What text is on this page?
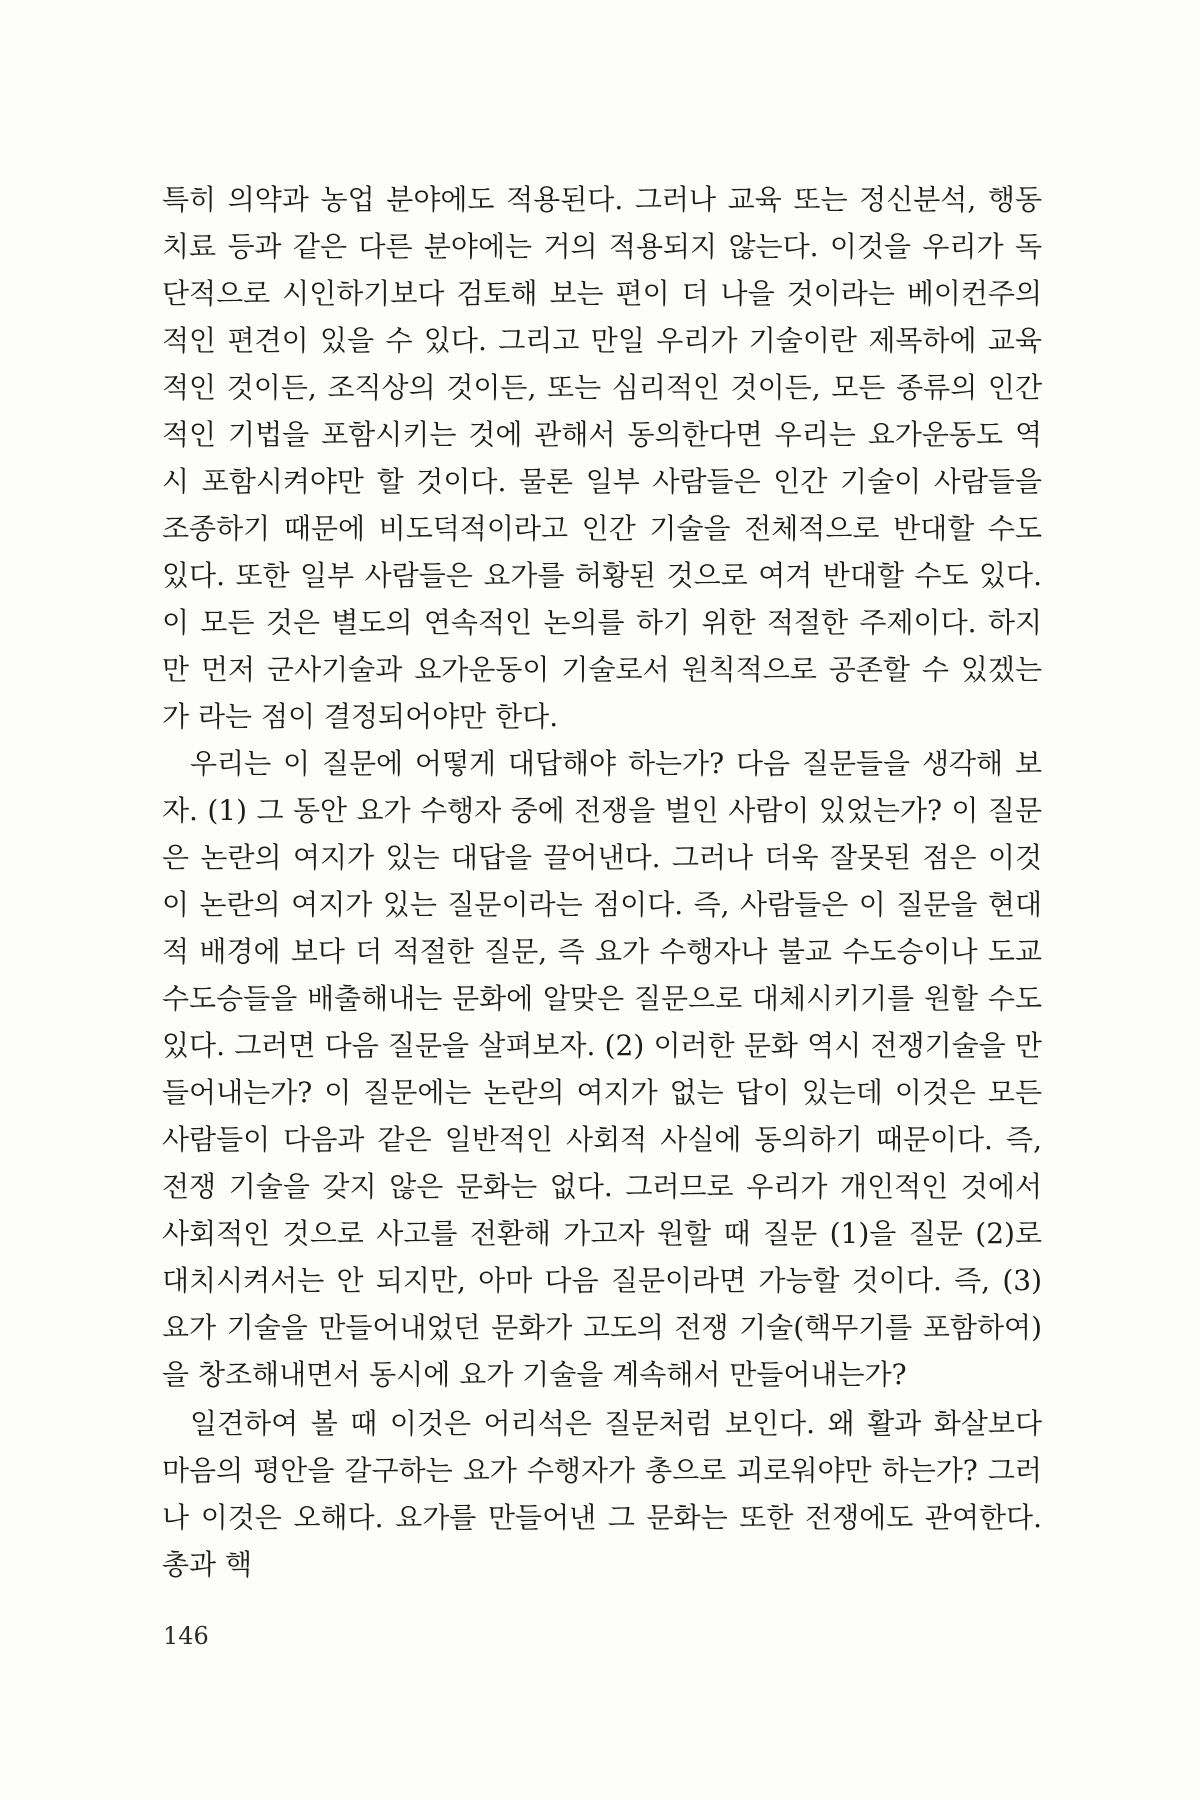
특히 의약과 농업 분야에도 적용된다. 그러나 교육 또는 정신분석, 행동치료 등과 같은 다른 분야에는 거의 적용되지 않는다. 이것을 우리가 독단적으로 시인하기보다 검토해 보는 편이 더 나을 것이라는 베이컨주의적인 편견이 있을 수 있다. 그리고 만일 우리가 기술이란 제목하에 교육적인 것이든, 조직상의 것이든, 또는 심리적인 것이든, 모든 종류의 인간적인 기법을 포함시키는 것에 관해서 동의한다면 우리는 요가운동도 역시 포함시켜야만 할 것이다. 물론 일부 사람들은 인간 기술이 사람들을 조종하기 때문에 비도덕적이라고 인간 기술을 전체적으로 반대할 수도 있다. 또한 일부 사람들은 요가를 허황된 것으로 여겨 반대할 수도 있다. 이 모든 것은 별도의 연속적인 논의를 하기 위한 적절한 주제이다. 하지만 먼저 군사기술과 요가운동이 기술로서 원칙적으로 공존할 수 있겠는가 라는 점이 결정되어야만 한다.

우리는 이 질문에 어떻게 대답해야 하는가? 다음 질문들을 생각해 보자. (1) 그 동안 요가 수행자 중에 전쟁을 벌인 사람이 있었는가? 이 질문은 논란의 여지가 있는 대답을 끌어낸다. 그러나 더욱 잘못된 점은 이것이 논란의 여지가 있는 질문이라는 점이다. 즉, 사람들은 이 질문을 현대적 배경에 보다 더 적절한 질문, 즉 요가 수행자나 불교 수도승이나 도교 수도승들을 배출해내는 문화에 알맞은 질문으로 대체시키기를 원할 수도 있다. 그러면 다음 질문을 살펴보자. (2) 이러한 문화 역시 전쟁기술을 만들어내는가? 이 질문에는 논란의 여지가 없는 답이 있는데 이것은 모든 사람들이 다음과 같은 일반적인 사회적 사실에 동의하기 때문이다. 즉, 전쟁 기술을 갖지 않은 문화는 없다. 그러므로 우리가 개인적인 것에서 사회적인 것으로 사고를 전환해 가고자 원할 때 질문 (1)을 질문 (2)로 대치시켜서는 안 되지만, 아마 다음 질문이라면 가능할 것이다. 즉, (3) 요가 기술을 만들어내었던 문화가 고도의 전쟁 기술(핵무기를 포함하여)을 창조해내면서 동시에 요가 기술을 계속해서 만들어내는가?

일견하여 볼 때 이것은 어리석은 질문처럼 보인다. 왜 활과 화살보다 마음의 평안을 갈구하는 요가 수행자가 총으로 괴로워야만 하는가? 그러나 이것은 오해다. 요가를 만들어낸 그 문화는 또한 전쟁에도 관여한다. 총과 핵

146
